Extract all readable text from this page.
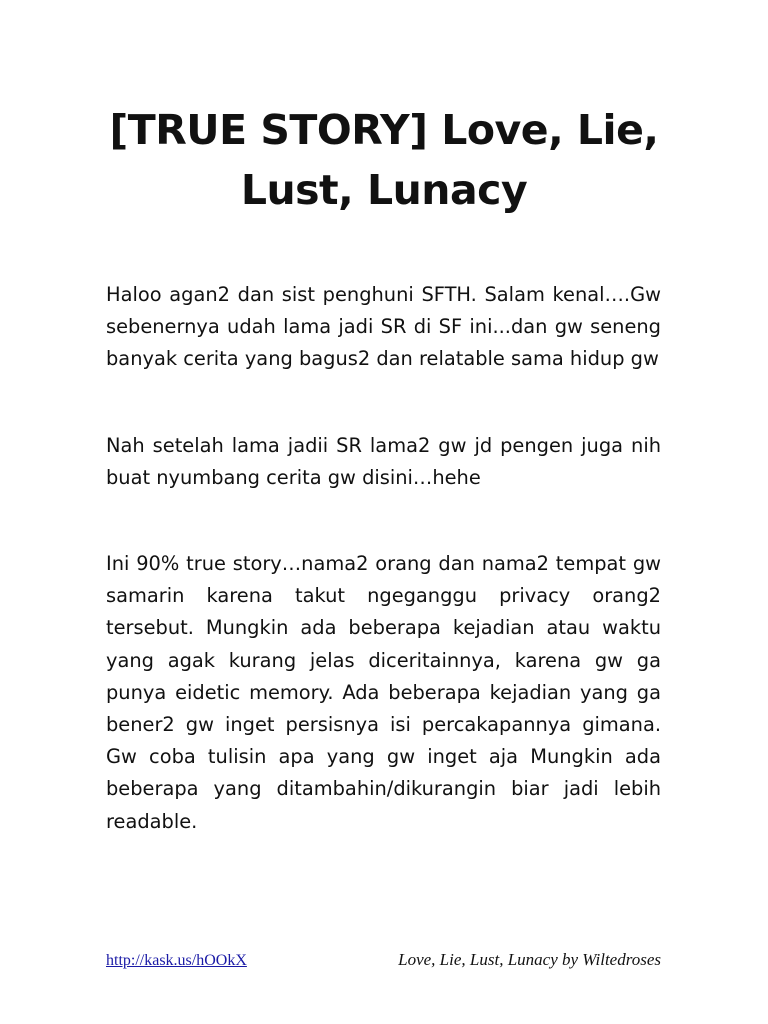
[TRUE STORY] Love, Lie, Lust, Lunacy

Haloo agan2 dan sist penghuni SFTH. Salam kenal….Gw sebenernya udah lama jadi SR di SF ini...dan gw seneng banyak cerita yang bagus2 dan relatable sama hidup gw

Nah setelah lama jadii SR lama2 gw jd pengen juga nih buat nyumbang cerita gw disini…hehe

Ini 90% true story…nama2 orang dan nama2 tempat gw samarin karena takut ngeganggu privacy orang2 tersebut. Mungkin ada beberapa kejadian atau waktu yang agak kurang jelas diceritainnya, karena gw ga punya eidetic memory. Ada beberapa kejadian yang ga bener2 gw inget persisnya isi percakapannya gimana. Gw coba tulisin apa yang gw inget aja Mungkin ada beberapa yang ditambahin/dikurangin biar jadi lebih readable.

http://kask.us/hOOkX	Love, Lie, Lust, Lunacy by Wiltedroses
